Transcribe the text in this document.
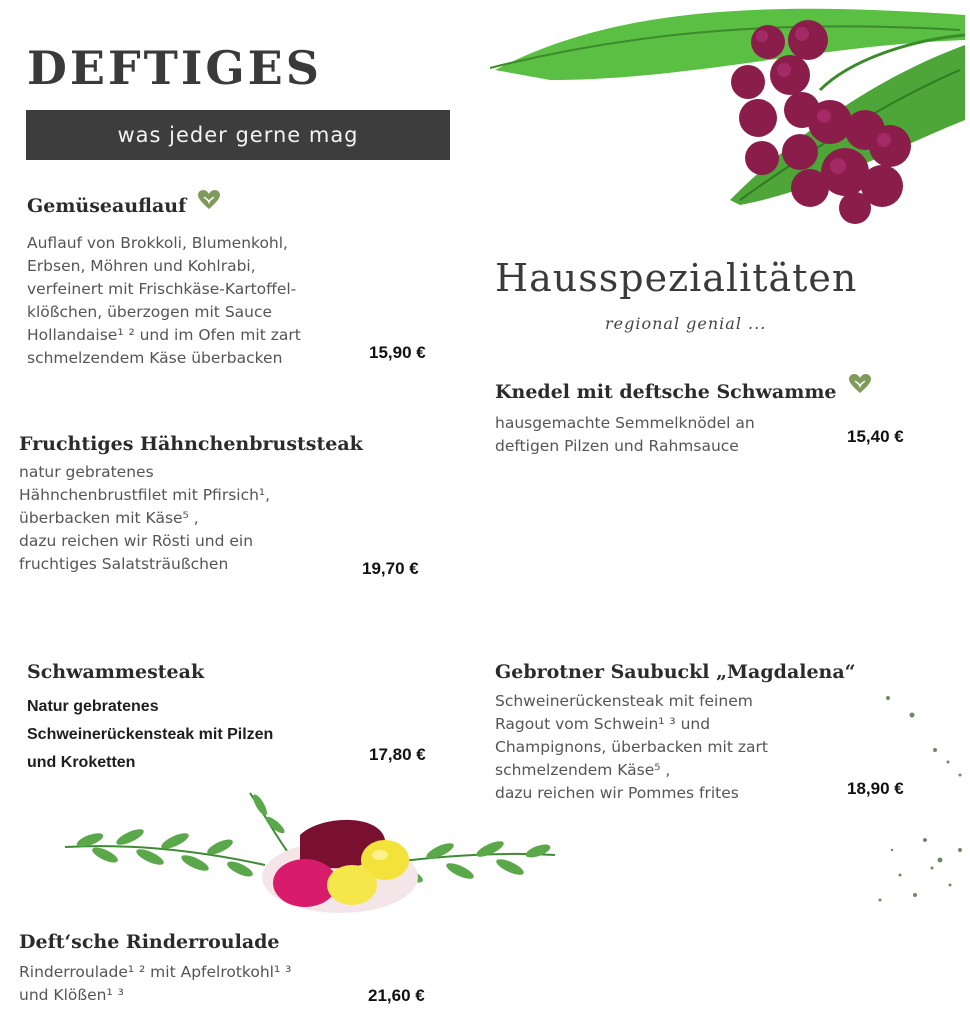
DEFTIGES
was jeder gerne mag
Gemüseauflauf
Auflauf von Brokkoli, Blumenkohl,
Erbsen, Möhren und Kohlrabi,
verfeinert mit Frischkäse-Kartoffel-
klößchen, überzogen mit Sauce
Hollandaise¹ ² und im Ofen mit zart
schmelzendem Käse überbacken	15,90 €
Fruchtiges Hähnchenbruststeak
natur gebratenes
Hähnchenbrustfilet mit Pfirsich¹,
überbacken mit Käse⁵ ,
dazu reichen wir Rösti und ein
fruchtiges Salatsträußchen	19,70 €
Schwammesteak
Natur gebratenes
Schweinerückensteak mit Pilzen
und Kroketten	17,80 €
Deft‘sche Rinderroulade
Rinderroulade¹ ² mit Apfelrotkohl¹ ³
und Klößen¹ ³	21,60 €
Hausspezialitäten
regional genial ...
Knedel mit deftsche Schwamme
hausgemachte Semmelknödel an
deftigen Pilzen und Rahmsauce	15,40 €
Gebrotner Saubuckl „Magdalena“
Schweinerückensteak mit feinem
Ragout vom Schwein¹ ³ und
Champignons, überbacken mit zart
schmelzendem Käse⁵ ,
dazu reichen wir Pommes frites	18,90 €
